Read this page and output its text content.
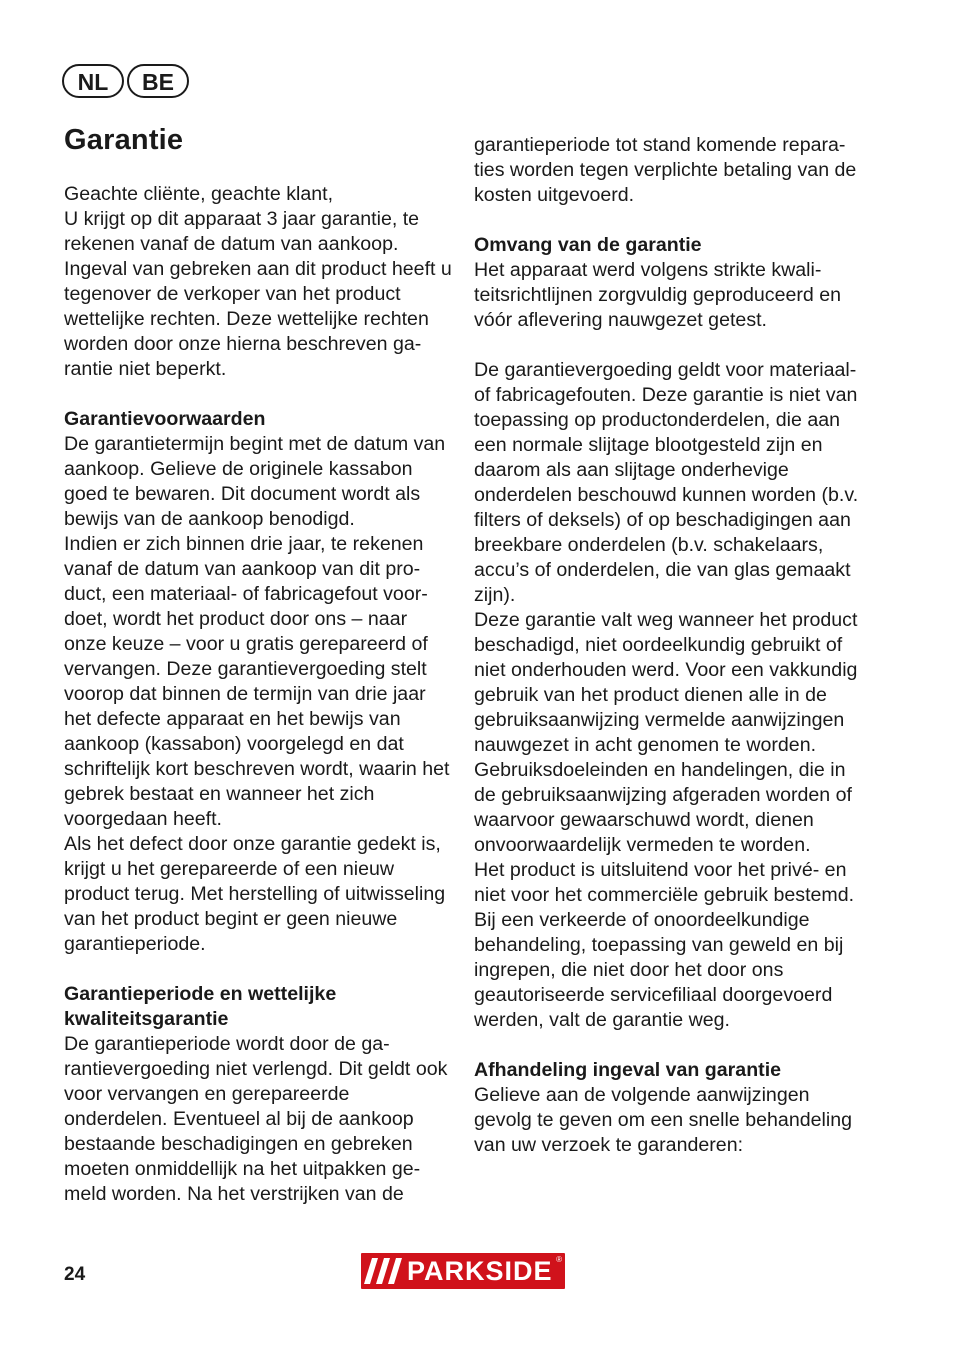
NL	BE
Garantie

Geachte cliënte, geachte klant,

U krijgt op dit apparaat 3 jaar garantie, te rekenen vanaf de datum van aankoop. Ingeval van gebreken aan dit product heeft u tegenover de verkoper van het product wettelijke rechten. Deze wettelijke rechten worden door onze hierna beschreven garantie niet beperkt.

Garantievoorwaarden

De garantietermijn begint met de datum van aankoop. Gelieve de originele kassabon goed te bewaren. Dit document wordt als bewijs van de aankoop benodigd.

Indien er zich binnen drie jaar, te rekenen vanaf de datum van aankoop van dit product, een materiaal- of fabricagefout voordoet, wordt het product door ons – naar onze keuze – voor u gratis gerepareerd of vervangen. Deze garantievergoeding stelt voorop dat binnen de termijn van drie jaar het defecte apparaat en het bewijs van aankoop (kassabon) voorgelegd en dat schriftelijk kort beschreven wordt, waarin het gebrek bestaat en wanneer het zich voorgedaan heeft.

Als het defect door onze garantie gedekt is, krijgt u het gerepareerde of een nieuw product terug. Met herstelling of uitwisseling van het product begint er geen nieuwe garantieperiode.

Garantieperiode en wettelijke kwaliteitsgarantie

De garantieperiode wordt door de garantievergoeding niet verlengd. Dit geldt ook voor vervangen en gerepareerde onderdelen. Eventueel al bij de aankoop bestaande beschadigingen en gebreken moeten onmiddellijk na het uitpakken gemeld worden. Na het verstrijken van de

garantieperiode tot stand komende reparaties worden tegen verplichte betaling van de kosten uitgevoerd.

Omvang van de garantie

Het apparaat werd volgens strikte kwaliteitsrichtlijnen zorgvuldig geproduceerd en vóór aflevering nauwgezet getest.

De garantievergoeding geldt voor materiaal- of fabricagefouten. Deze garantie is niet van toepassing op productonderdelen, die aan een normale slijtage blootgesteld zijn en daarom als aan slijtage onderhevige onderdelen beschouwd kunnen worden (b.v. filters of deksels) of op beschadigingen aan breekbare onderdelen (b.v. schakelaars, accu’s of onderdelen, die van glas gemaakt zijn).

Deze garantie valt weg wanneer het product beschadigd, niet oordeelkundig gebruikt of niet onderhouden werd. Voor een vakkundig gebruik van het product dienen alle in de gebruiksaanwijzing vermelde aanwijzingen nauwgezet in acht genomen te worden. Gebruiksdoeleinden en handelingen, die in de gebruiksaanwijzing afgeraden worden of waarvoor gewaarschuwd wordt, dienen onvoorwaardelijk vermeden te worden.

Het product is uitsluitend voor het privé- en niet voor het commerciële gebruik bestemd. Bij een verkeerde of onoordeelkundige behandeling, toepassing van geweld en bij ingrepen, die niet door het door ons geautoriseerde servicefiliaal doorgevoerd werden, valt de garantie weg.

Afhandeling ingeval van garantie

Gelieve aan de volgende aanwijzingen gevolg te geven om een snelle behandeling van uw verzoek te garanderen:

24	PARKSIDE ®
